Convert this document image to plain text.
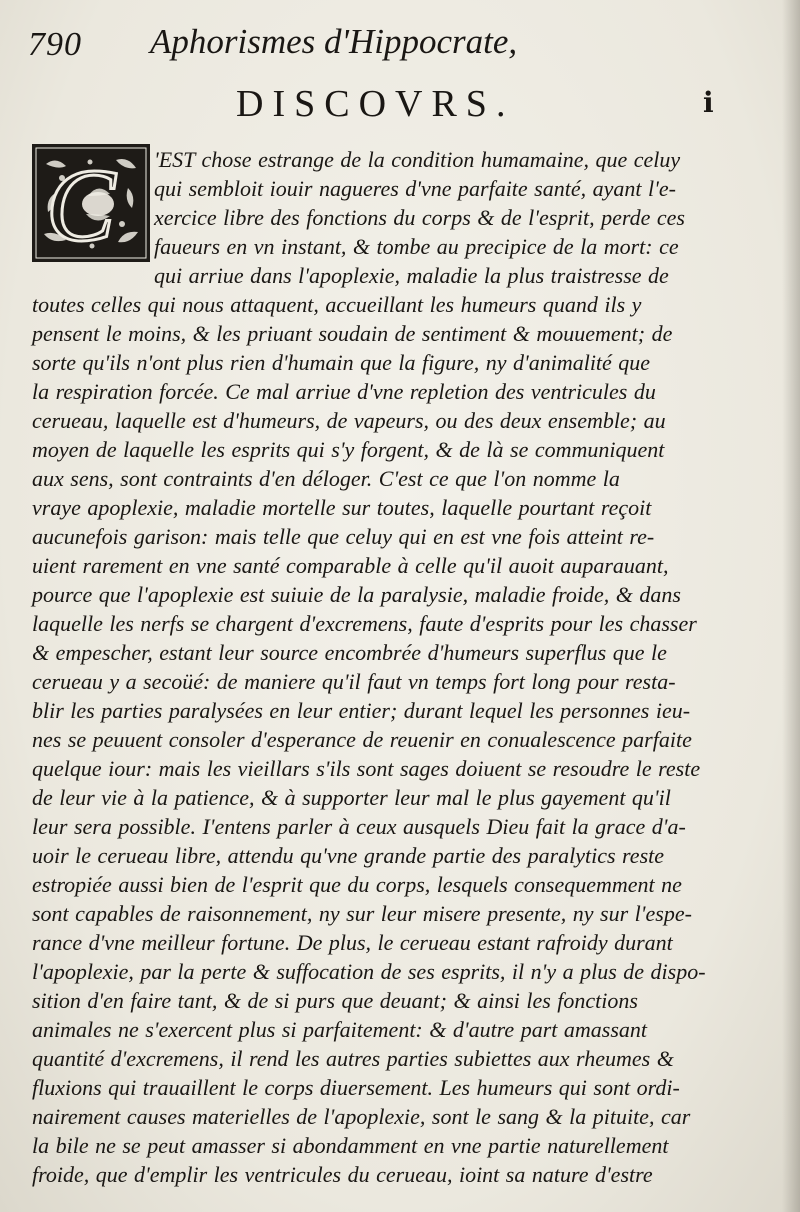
790 Aphorismes d'Hippocrate,

DISCOVRS.	i

C 'EST chose estrange de la condition humamaine, que celuy

qui sembloit iouir nagueres d'vne parfaite santé, ayant l'e-

xercice libre des fonctions du corps & de l'esprit, perde ces

faueurs en vn instant, & tombe au precipice de la mort: ce

qui arriue dans l'apoplexie, maladie la plus traistresse de

toutes celles qui nous attaquent, accueillant les humeurs quand ils y

pensent le moins, & les priuant soudain de sentiment & mouuement; de

sorte qu'ils n'ont plus rien d'humain que la figure, ny d'animalité que

la respiration forcée. Ce mal arriue d'vne repletion des ventricules du

cerueau, laquelle est d'humeurs, de vapeurs, ou des deux ensemble; au

moyen de laquelle les esprits qui s'y forgent, & de là se communiquent

aux sens, sont contraints d'en déloger. C'est ce que l'on nomme la

vraye apoplexie, maladie mortelle sur toutes, laquelle pourtant reçoit

aucunefois garison: mais telle que celuy qui en est vne fois atteint re-

uient rarement en vne santé comparable à celle qu'il auoit auparauant,

pource que l'apoplexie est suiuie de la paralysie, maladie froide, & dans

laquelle les nerfs se chargent d'excremens, faute d'esprits pour les chasser

& empescher, estant leur source encombrée d'humeurs superflus que le

cerueau y a secoüé: de maniere qu'il faut vn temps fort long pour resta-

blir les parties paralysées en leur entier; durant lequel les personnes ieu-

nes se peuuent consoler d'esperance de reuenir en conualescence parfaite

quelque iour: mais les vieillars s'ils sont sages doiuent se resoudre le reste

de leur vie à la patience, & à supporter leur mal le plus gayement qu'il

leur sera possible. I'entens parler à ceux ausquels Dieu fait la grace d'a-

uoir le cerueau libre, attendu qu'vne grande partie des paralytics reste

estropiée aussi bien de l'esprit que du corps, lesquels consequemment ne

sont capables de raisonnement, ny sur leur misere presente, ny sur l'espe-

rance d'vne meilleur fortune. De plus, le cerueau estant rafroidy durant

l'apoplexie, par la perte & suffocation de ses esprits, il n'y a plus de dispo-

sition d'en faire tant, & de si purs que deuant; & ainsi les fonctions

animales ne s'exercent plus si parfaitement: & d'autre part amassant

quantité d'excremens, il rend les autres parties subiettes aux rheumes &

fluxions qui trauaillent le corps diuersement. Les humeurs qui sont ordi-

nairement causes materielles de l'apoplexie, sont le sang & la pituite, car

la bile ne se peut amasser si abondamment en vne partie naturellement

froide, que d'emplir les ventricules du cerueau, ioint sa nature d'estre
